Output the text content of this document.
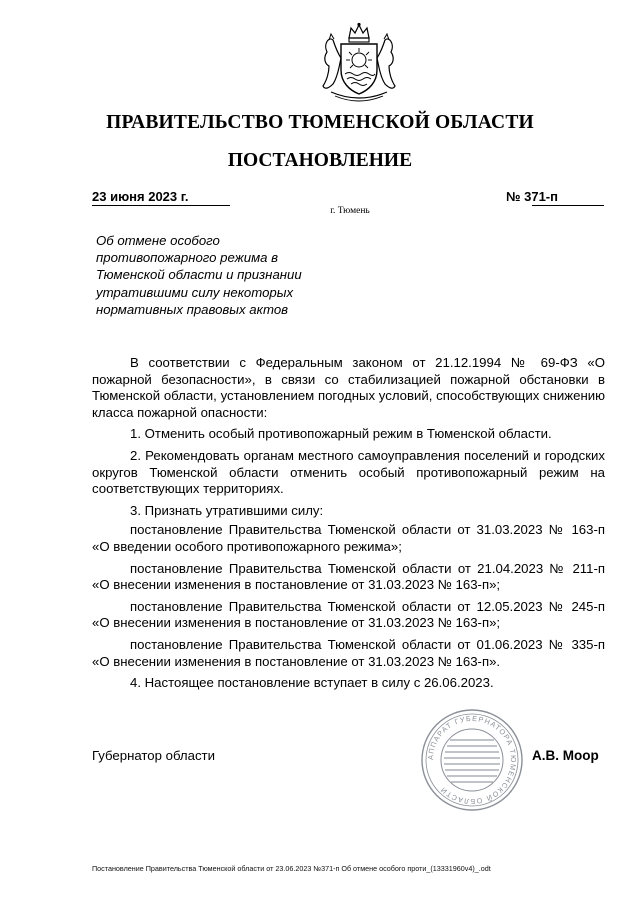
ПРАВИТЕЛЬСТВО ТЮМЕНСКОЙ ОБЛАСТИ
ПОСТАНОВЛЕНИЕ
23 июня 2023 г.	№ 371-п
г. Тюмень
Об отмене особого
противопожарного режима в
Тюменской области и признании
утратившими силу некоторых
нормативных правовых актов

В соответствии с Федеральным законом от 21.12.1994 № 69-ФЗ «О пожарной безопасности», в связи со стабилизацией пожарной обстановки в Тюменской области, установлением погодных условий, способствующих снижению класса пожарной опасности:

1. Отменить особый противопожарный режим в Тюменской области.

2. Рекомендовать органам местного самоуправления поселений и городских округов Тюменской области отменить особый противопожарный режим на соответствующих территориях.

3. Признать утратившими силу:

постановление Правительства Тюменской области от 31.03.2023 № 163-п «О введении особого противопожарного режима»;

постановление Правительства Тюменской области от 21.04.2023 № 211-п «О внесении изменения в постановление от 31.03.2023 № 163-п»;

постановление Правительства Тюменской области от 12.05.2023 № 245-п «О внесении изменения в постановление от 31.03.2023 № 163-п»;

постановление Правительства Тюменской области от 01.06.2023 № 335-п «О внесении изменения в постановление от 31.03.2023 № 163-п».

4. Настоящее постановление вступает в силу с 26.06.2023.

Губернатор области	АППАРАТ ГУБЕРНАТОРА ТЮМЕНСКОЙ ОБЛАСТИ
А.В. Моор
Постановление Правительства Тюменской области от 23.06.2023 №371-п Об отмене особого проти_(13331960v4)_.odt
